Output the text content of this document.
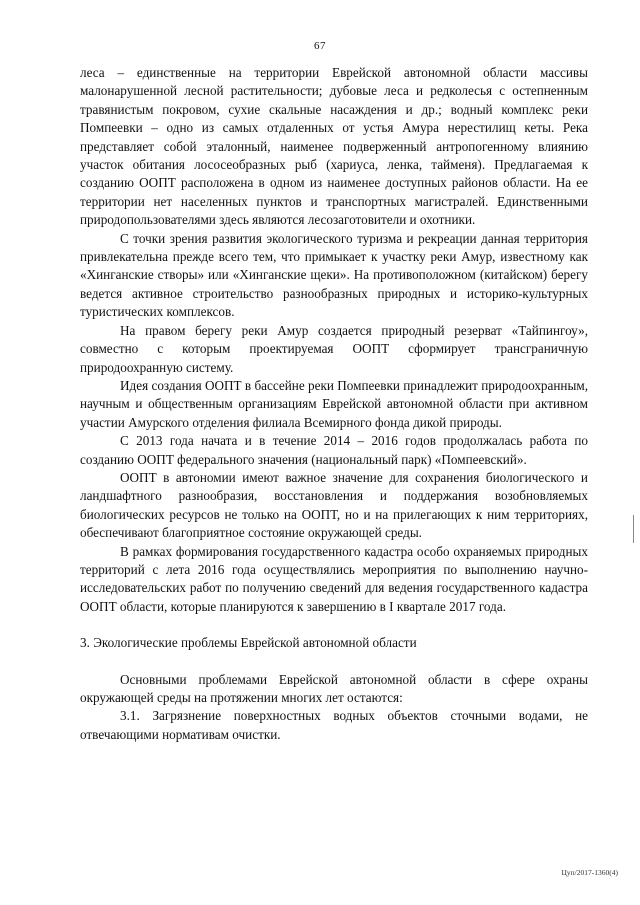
67

леса – единственные на территории Еврейской автономной области массивы малонарушенной лесной растительности; дубовые леса и редколесья с остепненным травянистым покровом, сухие скальные насаждения и др.; водный комплекс реки Помпеевки – одно из самых отдаленных от устья Амура нерестилищ кеты. Река представляет собой эталонный, наименее подверженный антропогенному влиянию участок обитания лососеобразных рыб (хариуса, ленка, тайменя). Предлагаемая к созданию ООПТ расположена в одном из наименее доступных районов области. На ее территории нет населенных пунктов и транспортных магистралей. Единственными природопользователями здесь являются лесозаготовители и охотники.

С точки зрения развития экологического туризма и рекреации данная территория привлекательна прежде всего тем, что примыкает к участку реки Амур, известному как «Хинганские створы» или «Хинганские щеки». На противоположном (китайском) берегу ведется активное строительство разнообразных природных и историко-культурных туристических комплексов.

На правом берегу реки Амур создается природный резерват «Тайпингоу», совместно с которым проектируемая ООПТ сформирует трансграничную природоохранную систему.

Идея создания ООПТ в бассейне реки Помпеевки принадлежит природоохранным, научным и общественным организациям Еврейской автономной области при активном участии Амурского отделения филиала Всемирного фонда дикой природы.

С 2013 года начата и в течение 2014 – 2016 годов продолжалась работа по созданию ООПТ федерального значения (национальный парк) «Помпеевский».

ООПТ в автономии имеют важное значение для сохранения биологического и ландшафтного разнообразия, восстановления и поддержания возобновляемых биологических ресурсов не только на ООПТ, но и на прилегающих к ним территориях, обеспечивают благоприятное состояние окружающей среды.

В рамках формирования государственного кадастра особо охраняемых природных территорий с лета 2016 года осуществлялись мероприятия по выполнению научно-исследовательских работ по получению сведений для ведения государственного кадастра ООПТ области, которые планируются к завершению в I квартале 2017 года.

3. Экологические проблемы Еврейской автономной области

Основными проблемами Еврейской автономной области в сфере охраны окружающей среды на протяжении многих лет остаются:

3.1. Загрязнение поверхностных водных объектов сточными водами, не отвечающими нормативам очистки.

Цуп/2017-1360(4)
